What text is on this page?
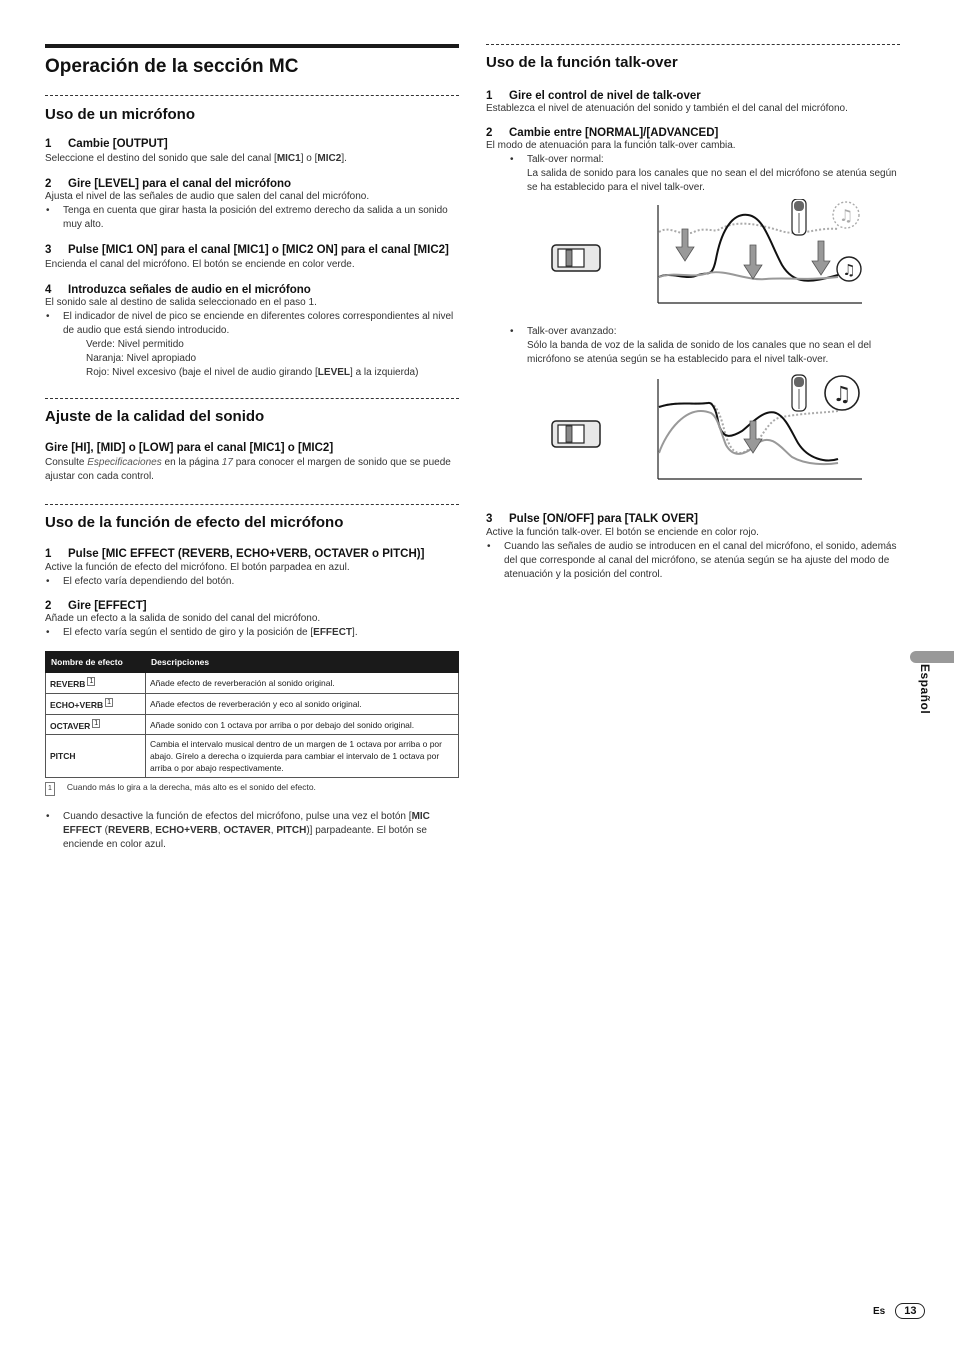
Operación de la sección MC
Uso de un micrófono
1 Cambie [OUTPUT]

Seleccione el destino del sonido que sale del canal [MIC1] o [MIC2].

2 Gire [LEVEL] para el canal del micrófono

Ajusta el nivel de las señales de audio que salen del canal del micrófono.

• Tenga en cuenta que girar hasta la posición del extremo derecho da salida a un sonido muy alto.
3 Pulse [MIC1 ON] para el canal [MIC1] o [MIC2 ON] para el canal [MIC2]

Encienda el canal del micrófono. El botón se enciende en color verde.

4 Introduzca señales de audio en el micrófono

El sonido sale al destino de salida seleccionado en el paso 1.

• El indicador de nivel de pico se enciende en diferentes colores correspondientes al nivel de audio que está siendo introducido.
Verde: Nivel permitido
Naranja: Nivel apropiado
Rojo: Nivel excesivo (baje el nivel de audio girando [LEVEL] a la izquierda)
Ajuste de la calidad del sonido
Gire [HI], [MID] o [LOW] para el canal [MIC1] o [MIC2]

Consulte Especificaciones en la página 17 para conocer el margen de sonido que se puede ajustar con cada control.

Uso de la función de efecto del micrófono
1 Pulse [MIC EFFECT (REVERB, ECHO+VERB, OCTAVER o PITCH)]

Active la función de efecto del micrófono. El botón parpadea en azul.

• El efecto varía dependiendo del botón.
2 Gire [EFFECT]

Añade un efecto a la salida de sonido del canal del micrófono.

• El efecto varía según el sentido de giro y la posición de [EFFECT].
Nombre de efecto	Descripciones
REVERB $^1$	Añade efecto de reverberación al sonido original.
ECHO+VERB $^1$	Añade efectos de reverberación y eco al sonido original.
OCTAVER $^1$	Añade sonido con 1 octava por arriba o por debajo del sonido original.
PITCH	Cambia el intervalo musical dentro de un margen de 1 octava por arriba o por abajo. Gírelo a derecha o izquierda para cambiar el intervalo de 1 octava por arriba o por abajo respectivamente.
1 Cuando más lo gira a la derecha, más alto es el sonido del efecto.
• Cuando desactive la función de efectos del micrófono, pulse una vez el botón [MIC EFFECT (REVERB, ECHO+VERB, OCTAVER, PITCH)] parpadeante. El botón se enciende en color azul.
Uso de la función talk-over
1 Gire el control de nivel de talk-over

Establezca el nivel de atenuación del sonido y también el del canal del micrófono.

2 Cambie entre [NORMAL]/[ADVANCED]

El modo de atenuación para la función talk-over cambia.

• Talk-over normal:
La salida de sonido para los canales que no sean el del micrófono se atenúa según se ha establecido para el nivel talk-over.
♫
♫
• Talk-over avanzado:
Sólo la banda de voz de la salida de sonido de los canales que no sean el del micrófono se atenúa según se ha establecido para el nivel talk-over.
♫
3 Pulse [ON/OFF] para [TALK OVER]

Active la función talk-over. El botón se enciende en color rojo.

• Cuando las señales de audio se introducen en el canal del micrófono, el sonido, además del que corresponde al canal del micrófono, se atenúa según se ha ajuste del modo de atenuación y la posición del control.
Español
Es 13
